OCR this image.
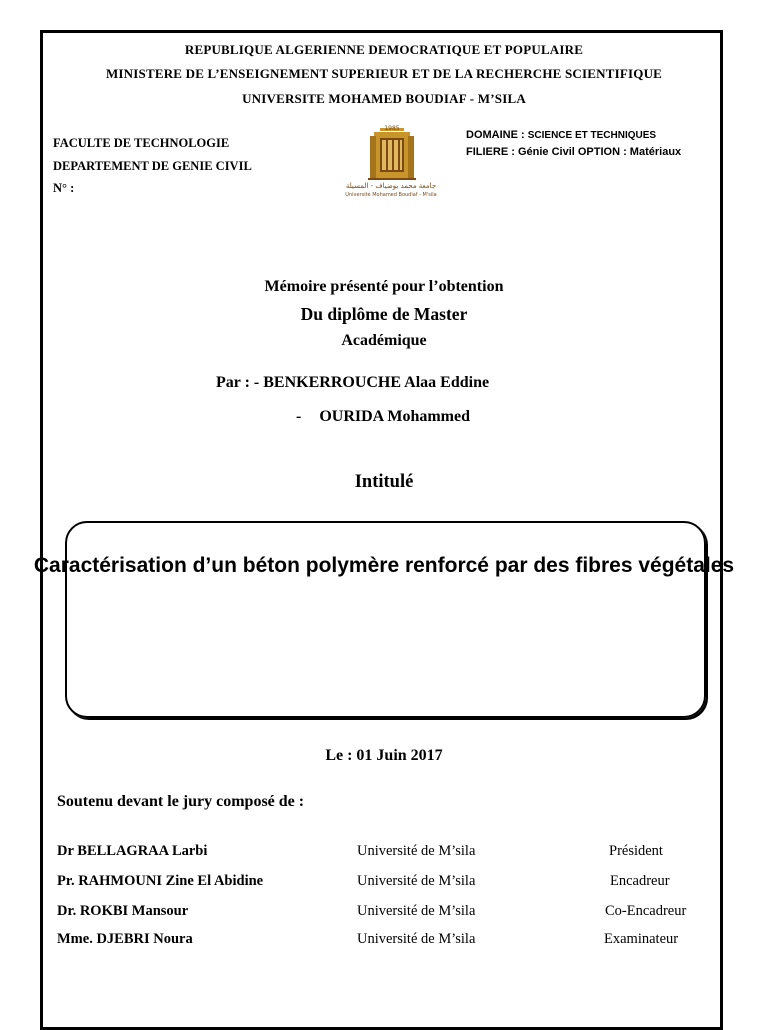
REPUBLIQUE ALGERIENNE DEMOCRATIQUE ET POPULAIRE
MINISTERE DE L’ENSEIGNEMENT SUPERIEUR ET DE LA RECHERCHE SCIENTIFIQUE
UNIVERSITE MOHAMED BOUDIAF - M’SILA
FACULTE DE TECHNOLOGIE
DEPARTEMENT DE GENIE CIVIL
N° :
1985
جامعة محمد بوضياف - المسيلة
Université Mohamed Boudiaf - M'sila
DOMAINE : SCIENCE ET TECHNIQUES
FILIERE : Génie Civil OPTION : Matériaux
Mémoire présenté pour l’obtention
Du diplôme de Master
Académique
Par : - BENKERROUCHE Alaa Eddine
- OURIDA Mohammed
Intitulé
Caractérisation d’un béton polymère renforcé par des fibres végétales
Le : 01 Juin 2017
Soutenu devant le jury composé de :
Dr BELLAGRAA Larbi	Université de M’sila	Président
Pr. RAHMOUNI Zine El Abidine	Université de M’sila	Encadreur
Dr. ROKBI Mansour	Université de M’sila	Co-Encadreur
Mme. DJEBRI Noura	Université de M’sila	Examinateur
